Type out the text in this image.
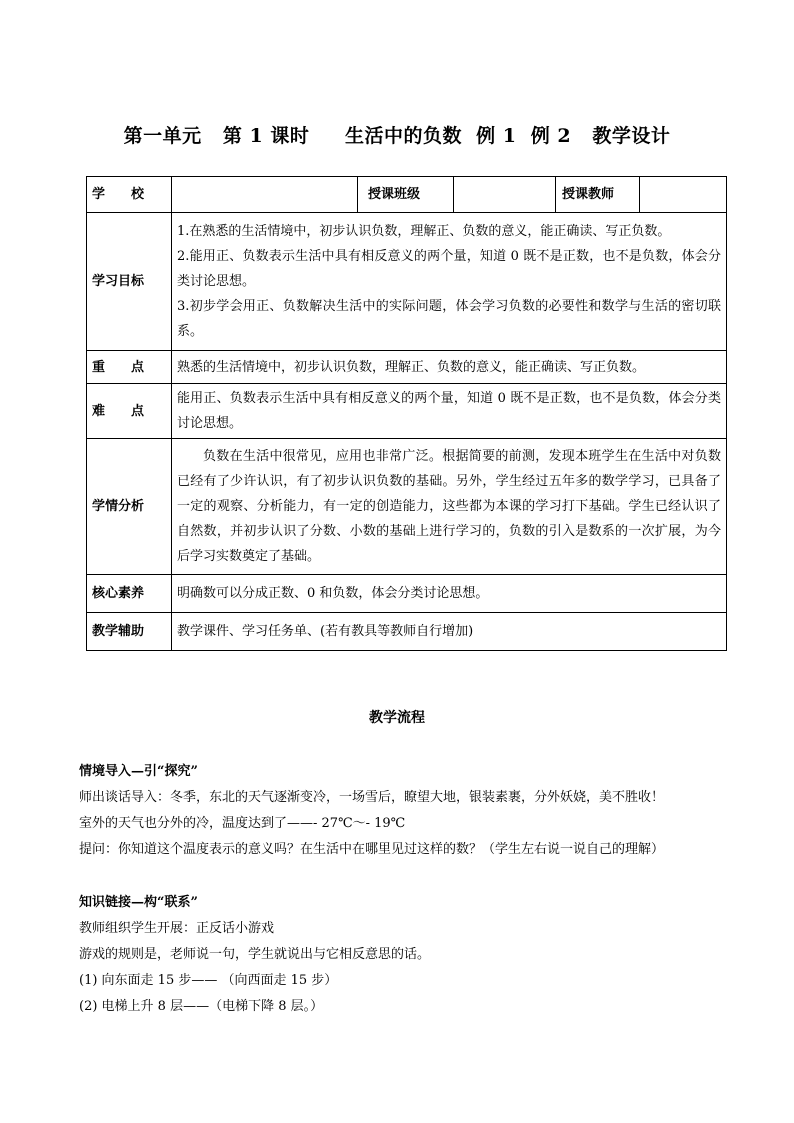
第一单元   第 1 课时     生活中的负数  例 1  例 2   教学设计
学 校		授课班级		授课教师	
学习目标	1.在熟悉的生活情境中，初步认识负数，理解正、负数的意义，能正确读、写正负数。
2.能用正、负数表示生活中具有相反意义的两个量，知道 0 既不是正数，也不是负数，体会分类讨论思想。
3.初步学会用正、负数解决生活中的实际问题，体会学习负数的必要性和数学与生活的密切联系。				

重 点	熟悉的生活情境中，初步认识负数，理解正、负数的意义，能正确读、写正负数。				

难 点	能用正、负数表示生活中具有相反意义的两个量，知道 0 既不是正数，也不是负数，体会分类讨论思想。				
学情分析	负数在生活中很常见，应用也非常广泛。根据简要的前测，发现本班学生在生活中对负数已经有了少许认识，有了初步认识负数的基础。另外，学生经过五年多的数学学习，已具备了一定的观察、分析能力，有一定的创造能力，这些都为本课的学习打下基础。学生已经认识了自然数，并初步认识了分数、小数的基础上进行学习的，负数的引入是数系的一次扩展，为今后学习实数奠定了基础。				
核心素养	明确数可以分成正数、0 和负数，体会分类讨论思想。				
教学辅助	教学课件、学习任务单、(若有教具等教师自行增加)				
教学流程
情境导入—引“探究”
师出谈话导入：冬季，东北的天气逐渐变冷，一场雪后，瞭望大地，银装素裹，分外妖娆，美不胜收！
室外的天气也分外的冷，温度达到了——- 27℃～- 19℃
提问：你知道这个温度表示的意义吗？在生活中在哪里见过这样的数？（学生左右说一说自己的理解）
知识链接—构“联系”
教师组织学生开展：正反话小游戏
游戏的规则是，老师说一句，学生就说出与它相反意思的话。
(1) 向东面走 15 步—— （向西面走 15 步）
(2) 电梯上升 8 层——（电梯下降 8 层。）
